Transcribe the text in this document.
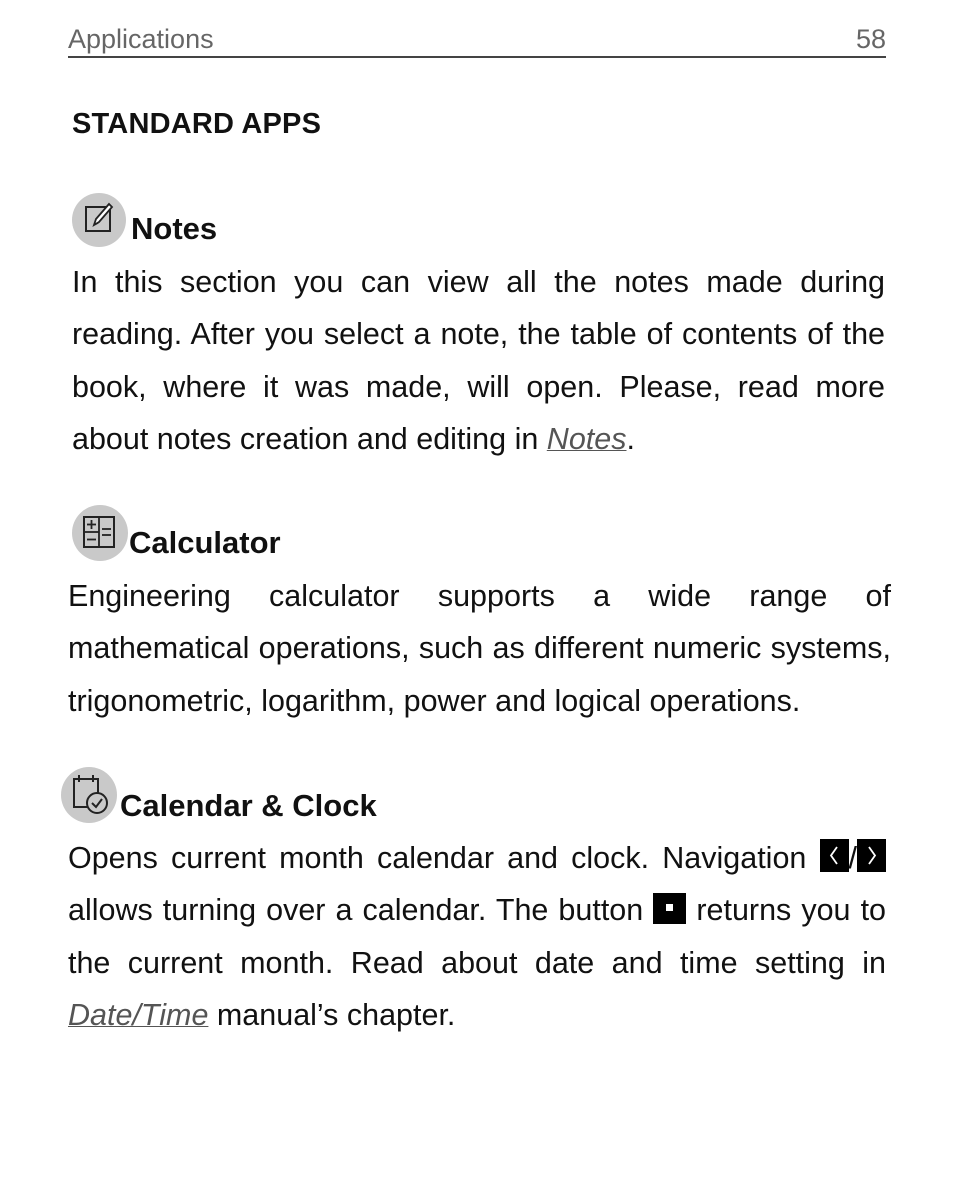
Applications	58
STANDARD APPS
Notes
In this section you can view all the notes made during reading. After you select a note, the table of contents of the book, where it was made, will open. Please, read more about notes creation and editing in Notes.
Calculator
Engineering calculator supports a wide range of mathematical operations, such as different numeric systems, trigonometric, logarithm, power and logical operations.
Calendar & Clock
Opens current month calendar and clock. Navigation
/
allows turning over a calendar. The button
returns you to the current month. Read about date and time setting in Date/Time manual’s chapter.
